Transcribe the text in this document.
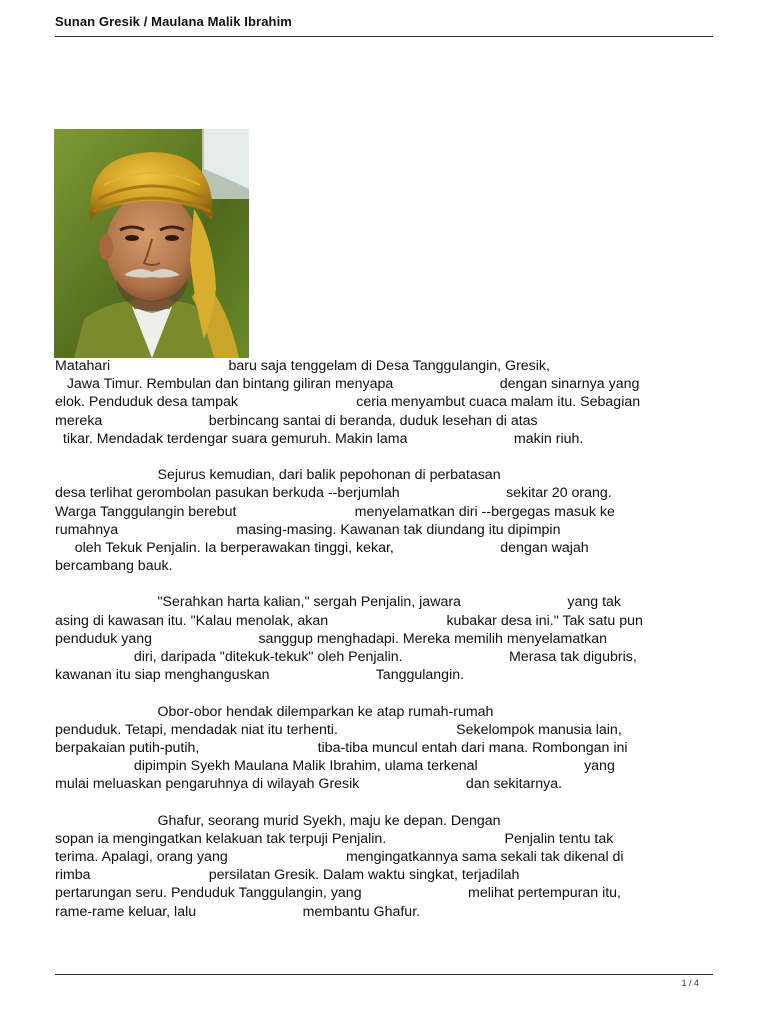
Sunan Gresik / Maulana Malik Ibrahim
Matahari                              baru saja tenggelam di Desa Tanggulangin, Gresik,
Jawa Timur. Rembulan dan bintang giliran menyapa                           dengan sinarnya yang
elok. Penduduk desa tampak                              ceria menyambut cuaca malam itu. Sebagian
mereka                           berbincang santai di beranda, duduk lesehan di atas
tikar. Mendadak terdengar suara gemuruh. Makin lama                           makin riuh.
Sejurus kemudian, dari balik pepohonan di perbatasan
desa terlihat gerombolan pasukan berkuda --berjumlah                           sekitar 20 orang.
Warga Tanggulangin berebut                              menyelamatkan diri --bergegas masuk ke
rumahnya                              masing-masing. Kawanan tak diundang itu dipimpin
oleh Tekuk Penjalin. Ia berperawakan tinggi, kekar,                           dengan wajah
bercambang bauk.
"Serahkan harta kalian," sergah Penjalin, jawara                           yang tak
asing di kawasan itu. "Kalau menolak, akan                              kubakar desa ini." Tak satu pun
penduduk yang                           sanggup menghadapi. Mereka memilih menyelamatkan
diri, daripada "ditekuk-tekuk" oleh Penjalin.                           Merasa tak digubris,
kawanan itu siap menghanguskan                           Tanggulangin.
Obor-obor hendak dilemparkan ke atap rumah-rumah
penduduk. Tetapi, mendadak niat itu terhenti.                              Sekelompok manusia lain,
berpakaian putih-putih,                              tiba-tiba muncul entah dari mana. Rombongan ini
dipimpin Syekh Maulana Malik Ibrahim, ulama terkenal                           yang
mulai meluaskan pengaruhnya di wilayah Gresik                           dan sekitarnya.
Ghafur, seorang murid Syekh, maju ke depan. Dengan
sopan ia mengingatkan kelakuan tak terpuji Penjalin.                              Penjalin tentu tak
terima. Apalagi, orang yang                              mengingatkannya sama sekali tak dikenal di
rimba                              persilatan Gresik. Dalam waktu singkat, terjadilah
pertarungan seru. Penduduk Tanggulangin, yang                           melihat pertempuran itu,
rame-rame keluar, lalu                           membantu Ghafur.
1 / 4
